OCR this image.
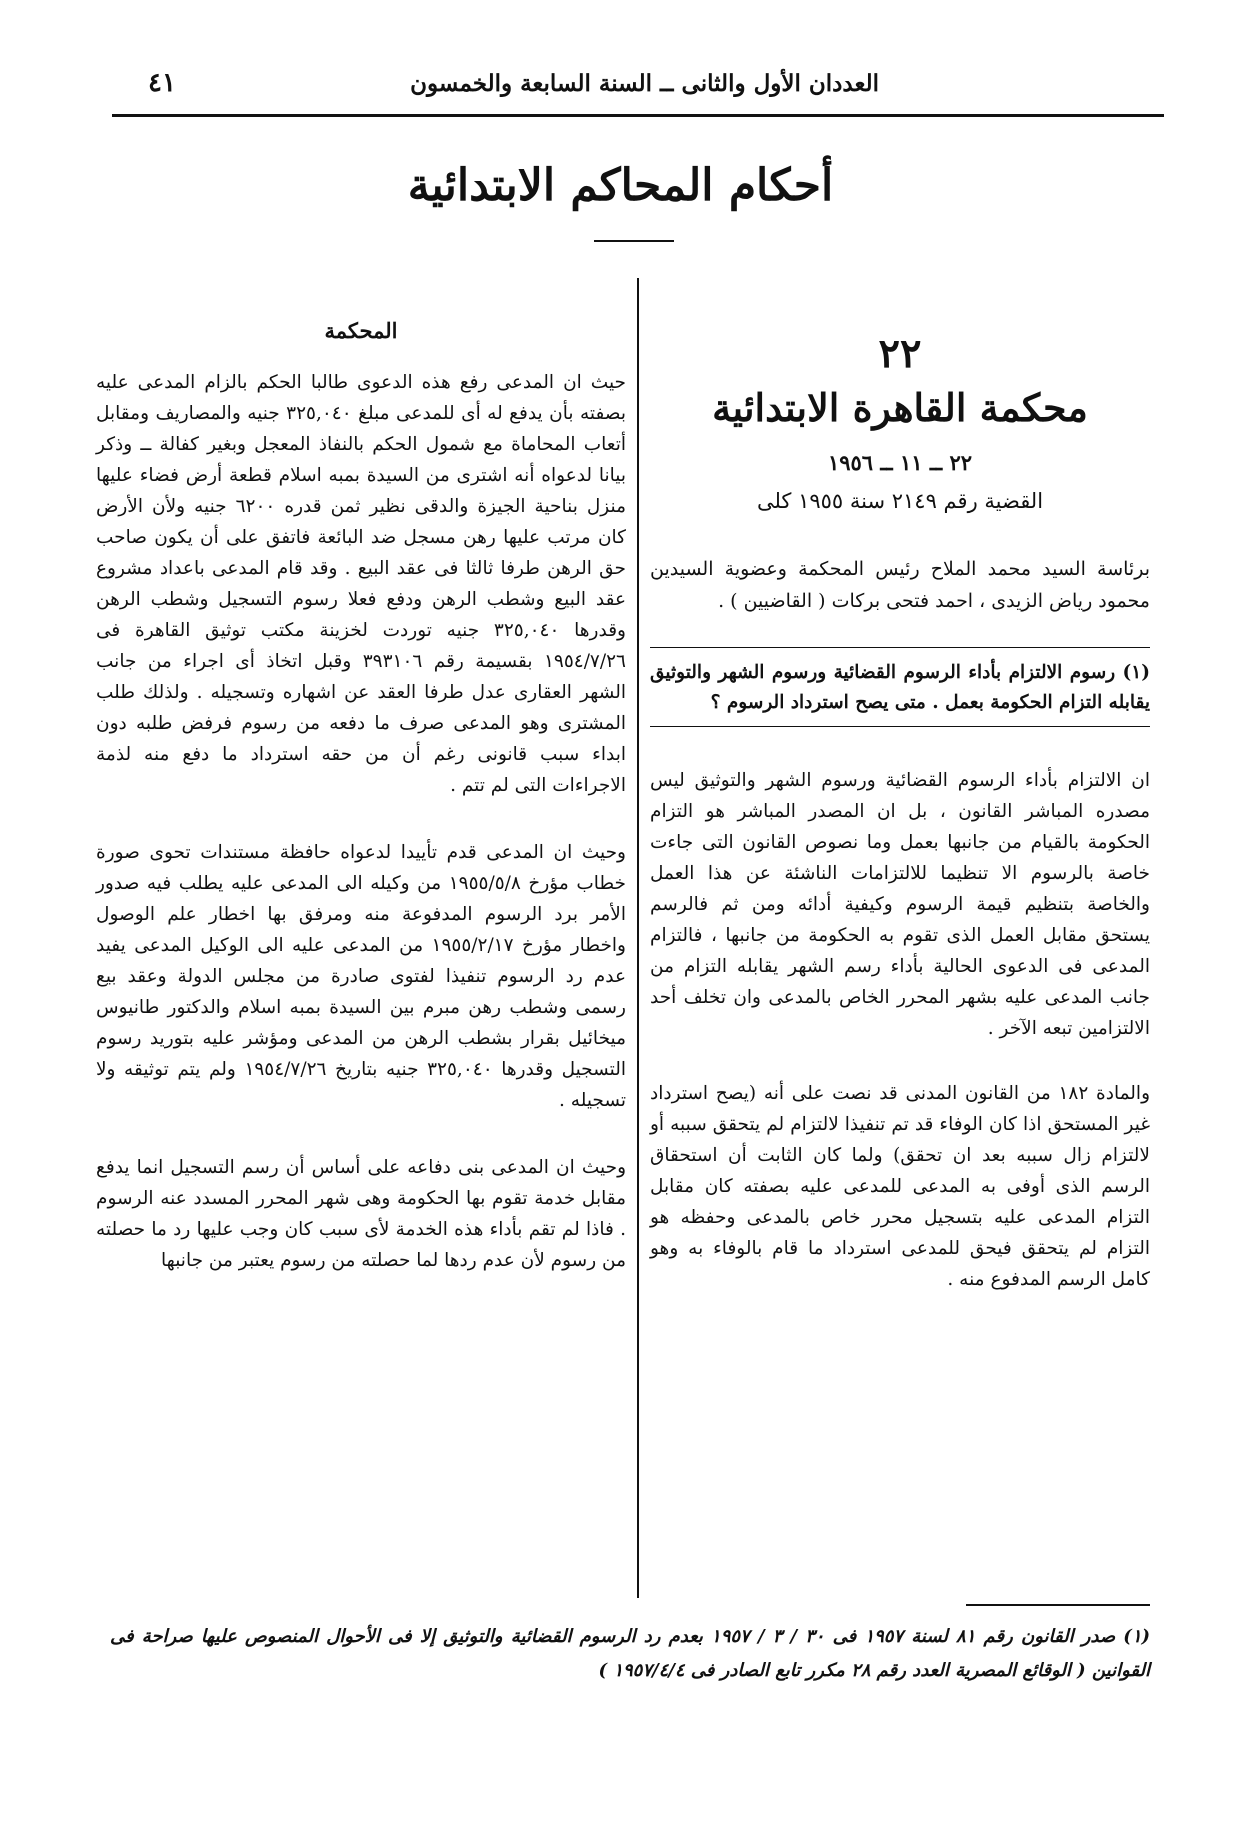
العددان الأول والثانى ــ السنة السابعة والخمسون
٤١
أحكام المحاكم الابتدائية
٢٢
محكمة القاهرة الابتدائية
٢٢ ــ ١١ ــ ١٩٥٦
القضية رقم ٢١٤٩ سنة ١٩٥٥ كلى
برئاسة السيد محمد الملاح رئيس المحكمة وعضوية السيدين محمود رياض الزيدى ، احمد فتحى بركات ( القاضيين ) .
(١) رسوم الالتزام بأداء الرسوم القضائية ورسوم الشهر والتوثيق يقابله التزام الحكومة بعمل . متى يصح استرداد الرسوم ؟

ان الالتزام بأداء الرسوم القضائية ورسوم الشهر والتوثيق ليس مصدره المباشر القانون ، بل ان المصدر المباشر هو التزام الحكومة بالقيام من جانبها بعمل وما نصوص القانون التى جاءت خاصة بالرسوم الا تنظيما للالتزامات الناشئة عن هذا العمل والخاصة بتنظيم قيمة الرسوم وكيفية أدائه ومن ثم فالرسم يستحق مقابل العمل الذى تقوم به الحكومة من جانبها ، فالتزام المدعى فى الدعوى الحالية بأداء رسم الشهر يقابله التزام من جانب المدعى عليه بشهر المحرر الخاص بالمدعى وان تخلف أحد الالتزامين تبعه الآخر .

والمادة ١٨٢ من القانون المدنى قد نصت على أنه (يصح استرداد غير المستحق اذا كان الوفاء قد تم تنفيذا لالتزام لم يتحقق سببه أو لالتزام زال سببه بعد ان تحقق) ولما كان الثابت أن استحقاق الرسم الذى أوفى به المدعى للمدعى عليه بصفته كان مقابل التزام المدعى عليه بتسجيل محرر خاص بالمدعى وحفظه هو التزام لم يتحقق فيحق للمدعى استرداد ما قام بالوفاء به وهو كامل الرسم المدفوع منه .

المحكمة

حيث ان المدعى رفع هذه الدعوى طالبا الحكم بالزام المدعى عليه بصفته بأن يدفع له أى للمدعى مبلغ ٣٢٥,٠٤٠ جنيه والمصاريف ومقابل أتعاب المحاماة مع شمول الحكم بالنفاذ المعجل وبغير كفالة ــ وذكر بيانا لدعواه أنه اشترى من السيدة بمبه اسلام قطعة أرض فضاء عليها منزل بناحية الجيزة والدقى نظير ثمن قدره ٦٢٠٠ جنيه ولأن الأرض كان مرتب عليها رهن مسجل ضد البائعة فاتفق على أن يكون صاحب حق الرهن طرفا ثالثا فى عقد البيع . وقد قام المدعى باعداد مشروع عقد البيع وشطب الرهن ودفع فعلا رسوم التسجيل وشطب الرهن وقدرها ٣٢٥,٠٤٠ جنيه توردت لخزينة مكتب توثيق القاهرة فى ١٩٥٤/٧/٢٦ بقسيمة رقم ٣٩٣١٠٦ وقبل اتخاذ أى اجراء من جانب الشهر العقارى عدل طرفا العقد عن اشهاره وتسجيله . ولذلك طلب المشترى وهو المدعى صرف ما دفعه من رسوم فرفض طلبه دون ابداء سبب قانونى رغم أن من حقه استرداد ما دفع منه لذمة الاجراءات التى لم تتم .

وحيث ان المدعى قدم تأييدا لدعواه حافظة مستندات تحوى صورة خطاب مؤرخ ١٩٥٥/٥/٨ من وكيله الى المدعى عليه يطلب فيه صدور الأمر برد الرسوم المدفوعة منه ومرفق بها اخطار علم الوصول واخطار مؤرخ ١٩٥٥/٢/١٧ من المدعى عليه الى الوكيل المدعى يفيد عدم رد الرسوم تنفيذا لفتوى صادرة من مجلس الدولة وعقد بيع رسمى وشطب رهن مبرم بين السيدة بمبه اسلام والدكتور طانيوس ميخائيل بقرار بشطب الرهن من المدعى ومؤشر عليه بتوريد رسوم التسجيل وقدرها ٣٢٥,٠٤٠ جنيه بتاريخ ١٩٥٤/٧/٢٦ ولم يتم توثيقه ولا تسجيله .

وحيث ان المدعى بنى دفاعه على أساس أن رسم التسجيل انما يدفع مقابل خدمة تقوم بها الحكومة وهى شهر المحرر المسدد عنه الرسوم . فاذا لم تقم بأداء هذه الخدمة لأى سبب كان وجب عليها رد ما حصلته من رسوم لأن عدم ردها لما حصلته من رسوم يعتبر من جانبها

(١) صدر القانون رقم ٨١ لسنة ١٩٥٧ فى ٣٠ / ٣ / ١٩٥٧ بعدم رد الرسوم القضائية والتوثيق إلا فى الأحوال المنصوص عليها صراحة فى القوانين ( الوقائع المصرية العدد رقم ٢٨ مكرر تابع الصادر فى ١٩٥٧/٤/٤ )
